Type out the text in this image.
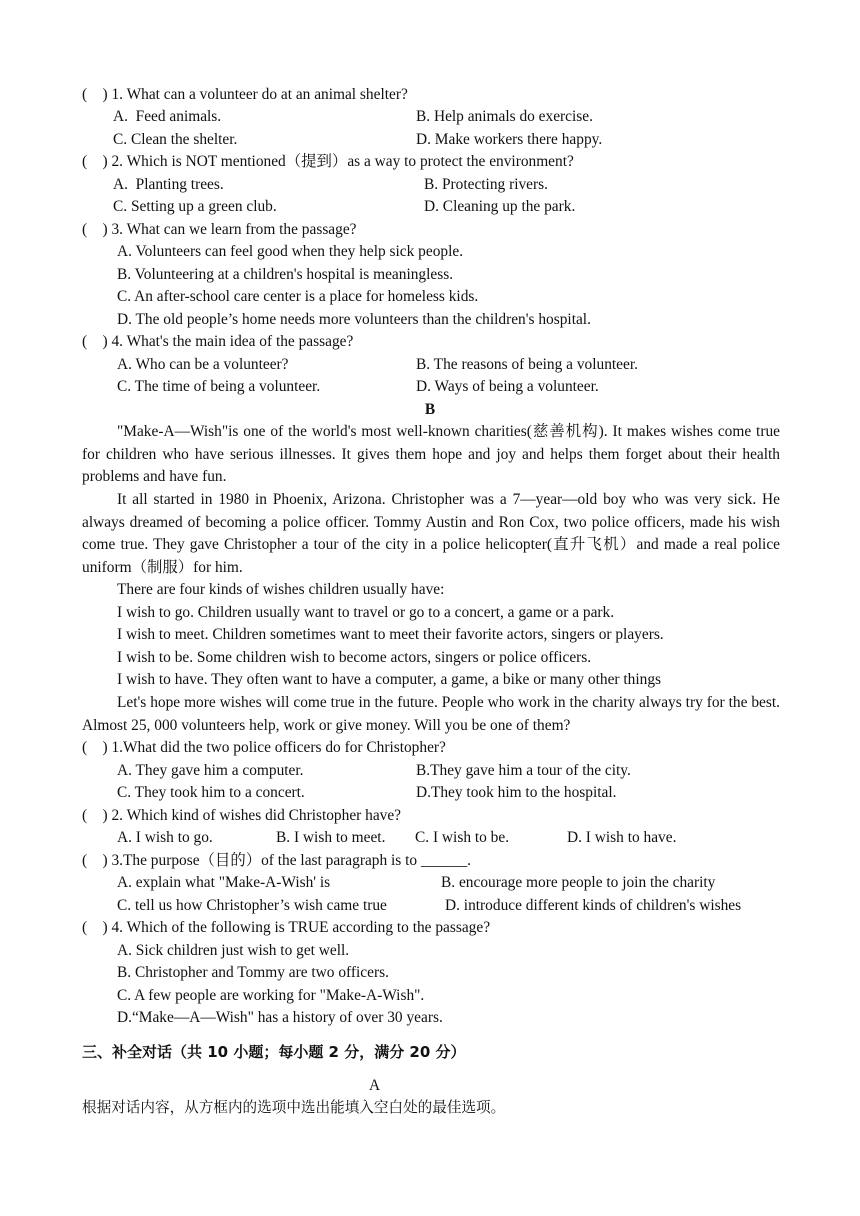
(    ) 1. What can a volunteer do at an animal shelter?
A.  Feed animals.	B. Help animals do exercise.
C. Clean the shelter.	D. Make workers there happy.
(    ) 2. Which is NOT mentioned（提到）as a way to protect the environment?
A.  Planting trees.	B. Protecting rivers.
C. Setting up a green club.	D. Cleaning up the park.
(    ) 3. What can we learn from the passage?
A. Volunteers can feel good when they help sick people.
B. Volunteering at a children's hospital is meaningless.
C. An after-school care center is a place for homeless kids.
D. The old people’s home needs more volunteers than the children's hospital.
(    ) 4. What's the main idea of the passage?
A. Who can be a volunteer?	B. The reasons of being a volunteer.
C. The time of being a volunteer.	D. Ways of being a volunteer.
B
"Make-A—Wish"is one of the world's most well-known charities(慈善机构). It makes wishes come true for children who have serious illnesses. It gives them hope and joy and helps them forget about their health problems and have fun.
It all started in 1980 in Phoenix, Arizona. Christopher was a 7—year—old boy who was very sick. He always dreamed of becoming a police officer. Tommy Austin and Ron Cox, two police officers, made his wish come true. They gave Christopher a tour of the city in a police helicopter(直升飞机）and made a real police uniform（制服）for him.
There are four kinds of wishes children usually have:
I wish to go. Children usually want to travel or go to a concert, a game or a park.
I wish to meet. Children sometimes want to meet their favorite actors, singers or players.
I wish to be. Some children wish to become actors, singers or police officers.
I wish to have. They often want to have a computer, a game, a bike or many other things
Let's hope more wishes will come true in the future. People who work in the charity always try for the best. Almost 25, 000 volunteers help, work or give money. Will you be one of them?
(    ) 1.What did the two police officers do for Christopher?
A. They gave him a computer.	B.They gave him a tour of the city.
C. They took him to a concert.	D.They took him to the hospital.
(    ) 2. Which kind of wishes did Christopher have?
A. I wish to go.	B. I wish to meet. C. I wish to be.	D. I wish to have.
(    ) 3.The purpose（目的）of the last paragraph is to ______.
A. explain what "Make-A-Wish' is	B. encourage more people to join the charity
C. tell us how Christopher’s wish came true	D. introduce different kinds of children's wishes
(    ) 4. Which of the following is TRUE according to the passage?
A. Sick children just wish to get well.
B. Christopher and Tommy are two officers.
C. A few people are working for "Make-A-Wish".
D.“Make—A—Wish" has a history of over 30 years.
三、补全对话（共 10 小题；每小题 2 分，满分 20 分）
A
根据对话内容，从方框内的选项中选出能填入空白处的最佳选项。
